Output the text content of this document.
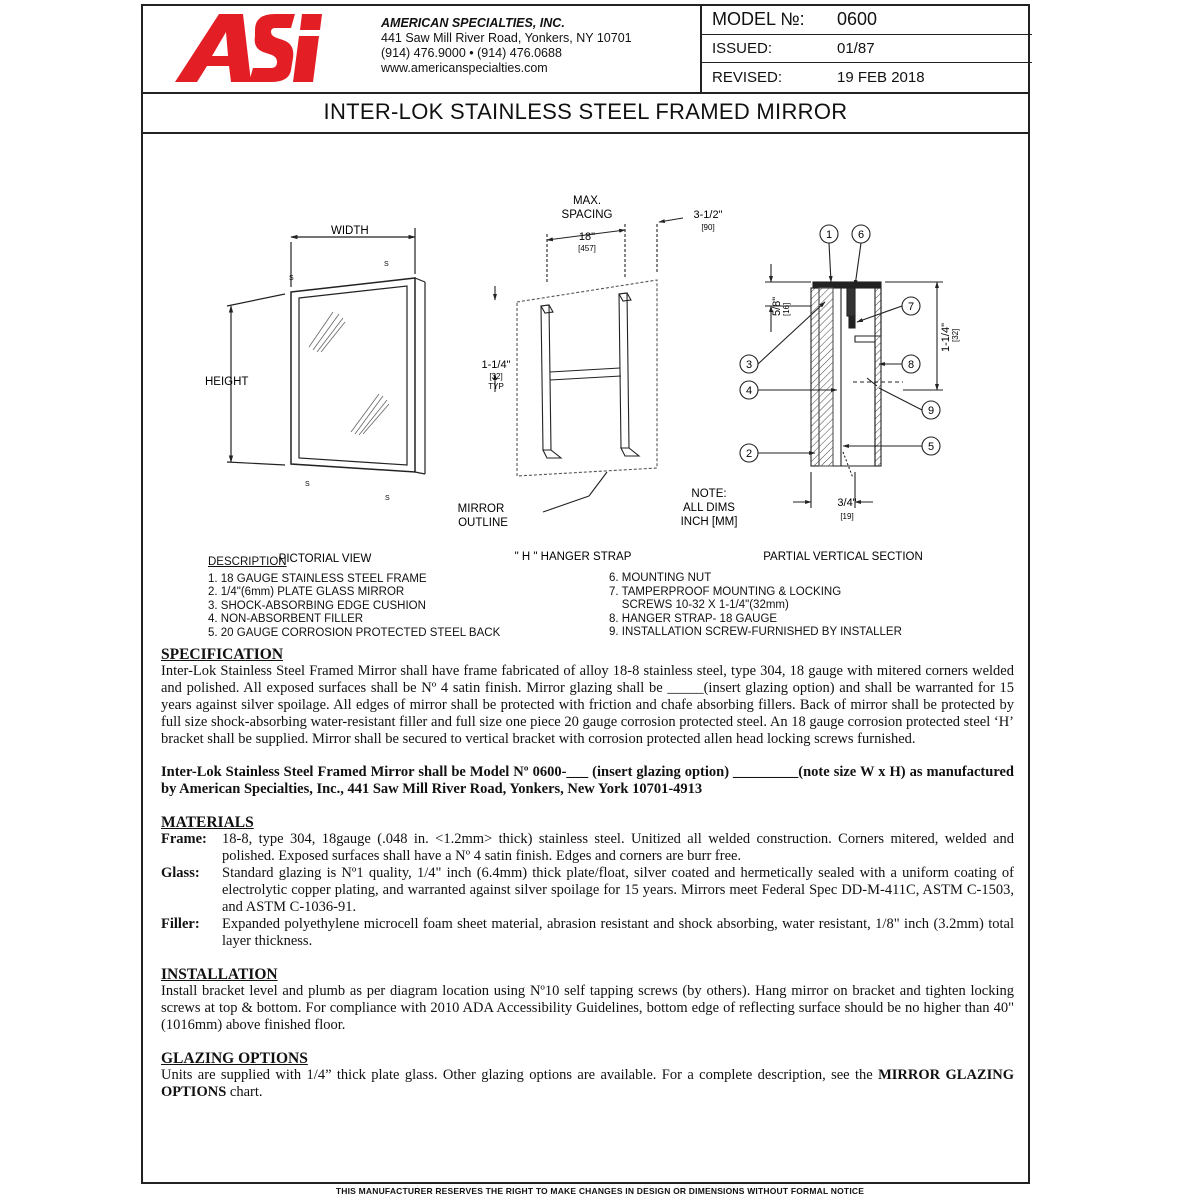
ASi
AMERICAN SPECIALTIES, INC.
441 Saw Mill River Road, Yonkers, NY 10701
(914) 476.9000 • (914) 476.0688
www.americanspecialties.com
MODEL №: 0600
ISSUED:	01/87
REVISED:	19 FEB 2018
INTER-LOK STAINLESS STEEL FRAMED MIRROR
WIDTH
HEIGHT
S
S
S
S
PICTORIAL VIEW
MAX.
SPACING
18"
[457]
3-1/2"
[90]
1-1/4"
[32]
TYP
MIRROR
OUTLINE
NOTE:
ALL DIMS
INCH [MM]
" H " HANGER STRAP
1 6
7
3	8
4
9
2
5
5/8" [16]
1-1/4" [32]
3/4"
[19]
PARTIAL VERTICAL SECTION
DESCRIPTION
1. 18 GAUGE STAINLESS STEEL FRAME
2. 1/4"(6mm) PLATE GLASS MIRROR
3. SHOCK-ABSORBING EDGE CUSHION
4. NON-ABSORBENT FILLER
5. 20 GAUGE CORROSION PROTECTED STEEL BACK
6. MOUNTING NUT
7. TAMPERPROOF MOUNTING & LOCKING
SCREWS 10-32 X 1-1/4"(32mm)
8. HANGER STRAP- 18 GAUGE
9. INSTALLATION SCREW-FURNISHED BY INSTALLER
SPECIFICATION

Inter-Lok Stainless Steel Framed Mirror shall have frame fabricated of alloy 18-8 stainless steel, type 304, 18 gauge with mitered corners welded and polished. All exposed surfaces shall be Nº 4 satin finish. Mirror glazing shall be _____(insert glazing option) and shall be warranted for 15 years against silver spoilage. All edges of mirror shall be protected with friction and chafe absorbing fillers. Back of mirror shall be protected by full size shock-absorbing water-resistant filler and full size one piece 20 gauge corrosion protected steel. An 18 gauge corrosion protected steel ‘H’ bracket shall be supplied. Mirror shall be secured to vertical bracket with corrosion protected allen head locking screws furnished.

Inter-Lok Stainless Steel Framed Mirror shall be Model Nº 0600-___ (insert glazing option) _________(note size W x H) as manufactured by American Specialties, Inc., 441 Saw Mill River Road, Yonkers, New York 10701-4913

MATERIALS
Frame:	18-8, type 304, 18gauge (.048 in. <1.2mm> thick) stainless steel. Unitized all welded construction. Corners mitered, welded and polished. Exposed surfaces shall have a Nº 4 satin finish. Edges and corners are burr free.
Glass:	Standard glazing is Nº1 quality, 1/4" inch (6.4mm) thick plate/float, silver coated and hermetically sealed with a uniform coating of electrolytic copper plating, and warranted against silver spoilage for 15 years. Mirrors meet Federal Spec DD-M-411C, ASTM C-1503, and ASTM C-1036-91.
Filler:	Expanded polyethylene microcell foam sheet material, abrasion resistant and shock absorbing, water resistant, 1/8" inch (3.2mm) total layer thickness.
INSTALLATION

Install bracket level and plumb as per diagram location using Nº10 self tapping screws (by others). Hang mirror on bracket and tighten locking screws at top & bottom. For compliance with 2010 ADA Accessibility Guidelines, bottom edge of reflecting surface should be no higher than 40" (1016mm) above finished floor.

GLAZING OPTIONS

Units are supplied with 1/4” thick plate glass. Other glazing options are available. For a complete description, see the MIRROR GLAZING OPTIONS chart.

THIS MANUFACTURER RESERVES THE RIGHT TO MAKE CHANGES IN DESIGN OR DIMENSIONS WITHOUT FORMAL NOTICE
